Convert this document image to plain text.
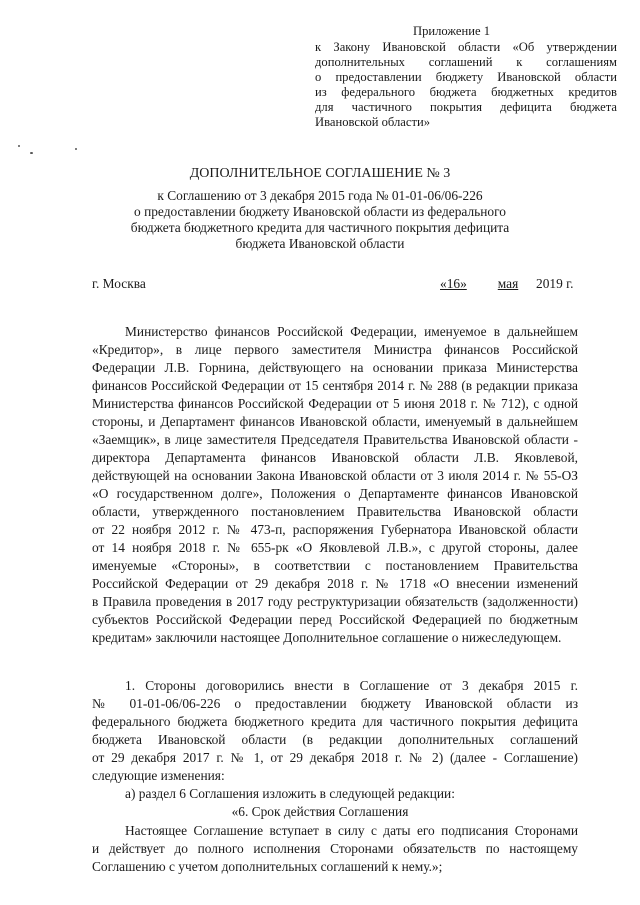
Приложение 1
к Закону Ивановской области «Об утверждении
дополнительных соглашений к соглашениям
о предоставлении бюджету Ивановской области
из федерального бюджета бюджетных кредитов
для частичного покрытия дефицита бюджета
Ивановской области»
ДОПОЛНИТЕЛЬНОЕ СОГЛАШЕНИЕ № 3
к Соглашению от 3 декабря 2015 года № 01-01-06/06-226
о предоставлении бюджету Ивановской области из федерального
бюджета бюджетного кредита для частичного покрытия дефицита
бюджета Ивановской области
г. Москва	«16»	мая	2019 г.
Министерство финансов Российской Федерации, именуемое в дальнейшем
«Кредитор», в лице первого заместителя Министра финансов Российской
Федерации Л.В. Горнина, действующего на основании приказа Министерства
финансов Российской Федерации от 15 сентября 2014 г. № 288 (в редакции приказа
Министерства финансов Российской Федерации от 5 июня 2018 г. № 712), с одной
стороны, и Департамент финансов Ивановской области, именуемый в дальнейшем
«Заемщик», в лице заместителя Председателя Правительства Ивановской области -
директора Департамента финансов Ивановской области Л.В. Яковлевой,
действующей на основании Закона Ивановской области от 3 июля 2014 г. № 55-ОЗ
«О государственном долге», Положения о Департаменте финансов Ивановской
области, утвержденного постановлением Правительства Ивановской области
от 22 ноября 2012 г. № 473-п, распоряжения Губернатора Ивановской области
от 14 ноября 2018 г. № 655-рк «О Яковлевой Л.В.», с другой стороны, далее
именуемые «Стороны», в соответствии с постановлением Правительства
Российской Федерации от 29 декабря 2018 г. № 1718 «О внесении изменений
в Правила проведения в 2017 году реструктуризации обязательств (задолженности)
субъектов Российской Федерации перед Российской Федерацией по бюджетным
кредитам» заключили настоящее Дополнительное соглашение о нижеследующем.
1. Стороны договорились внести в Соглашение от 3 декабря 2015 г.
№ 01-01-06/06-226 о предоставлении бюджету Ивановской области из
федерального бюджета бюджетного кредита для частичного покрытия дефицита
бюджета Ивановской области (в редакции дополнительных соглашений
от 29 декабря 2017 г. № 1, от 29 декабря 2018 г. № 2) (далее - Соглашение)
следующие изменения:
а) раздел 6 Соглашения изложить в следующей редакции:
«6. Срок действия Соглашения
Настоящее Соглашение вступает в силу с даты его подписания Сторонами
и действует до полного исполнения Сторонами обязательств по настоящему
Соглашению с учетом дополнительных соглашений к нему.»;
